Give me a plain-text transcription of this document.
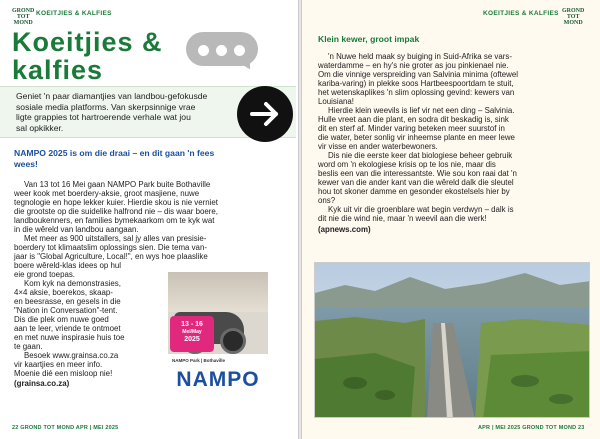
GROND
TOT
MOND
KOEITJIES & KALFIES
Koeitjies &
kalfies
Geniet 'n paar diamantjies van landbou-gefokusde
sosiale media platforms. Van skerpsinnige vrae
ligte grappies tot hartroerende verhale wat jou
sal opkikker.
NAMPO 2025 is om die draai – en dit gaan 'n fees
wees!

Van 13 tot 16 Mei gaan NAMPO Park buite Bothaville

weer kook met boerdery-aksie, groot masjiene, nuwe
tegnologie en hope lekker kuier. Hierdie skou is nie verniet
die grootste op die suidelike halfrond nie – dis waar boere,
landboukenners, en families bymekaarkom om te kyk wat
in die wêreld van landbou aangaan.

Met meer as 900 uitstallers, sal jy alles van presisie-

boerdery tot klimaatslim oplossings sien. Die tema van-
jaar is "Global Agriculture, Local!", en wys hoe plaaslike
boere wêreld-klas idees op hul
eie grond toepas.

Kom kyk na demonstrasies,

4×4 aksie, boerekos, skaap-
en beesrasse, en gesels in die
"Nation in Conversation"-tent.
Dis die plek om nuwe goed
aan te leer, vriende te ontmoet
en met nuwe inspirasie huis toe
te gaan.

Besoek www.grainsa.co.za

vir kaartjies en meer info.
Moenie dié een misloop nie!
(grainsa.co.za)
13 - 16
Mei/May
2025
NAMPO Park | Bothaville
NAMPO
22 GROND TOT MOND APR | MEI 2025
KOEITJIES & KALFIES GROND
TOT
MOND
APR | MEI 2025 GROND TOT MOND 23
Klein kewer, groot impak

'n Nuwe held maak sy buiging in Suid-Afrika se vars-

waterdamme – en hy's nie groter as jou pinkienael nie.
Om die vinnige verspreiding van Salvinia minima (oftewel
kariba-varing) in plekke soos Hartbeespoortdam te stuit,
het wetenskaplikes 'n slim oplossing gevind: kewers van
Louisiana!

Hierdie klein weevils is lief vir net een ding – Salvinia.

Hulle vreet aan die plant, en sodra dit beskadig is, sink
dit en sterf af. Minder varing beteken meer suurstof in
die water, beter sonlig vir inheemse plante en meer lewe
vir visse en ander waterbewoners.

Dis nie die eerste keer dat biologiese beheer gebruik

word om 'n ekologiese krisis op te los nie, maar dis
beslis een van die interessantste. Wie sou kon raai dat 'n
kewer van die ander kant van die wêreld dalk die sleutel
hou tot skoner damme en gesonder ekostelsels hier by
ons?

Kyk uit vir die groenblare wat begin verdwyn – dalk is

dit nie die wind nie, maar 'n weevil aan die werk!
(apnews.com)
